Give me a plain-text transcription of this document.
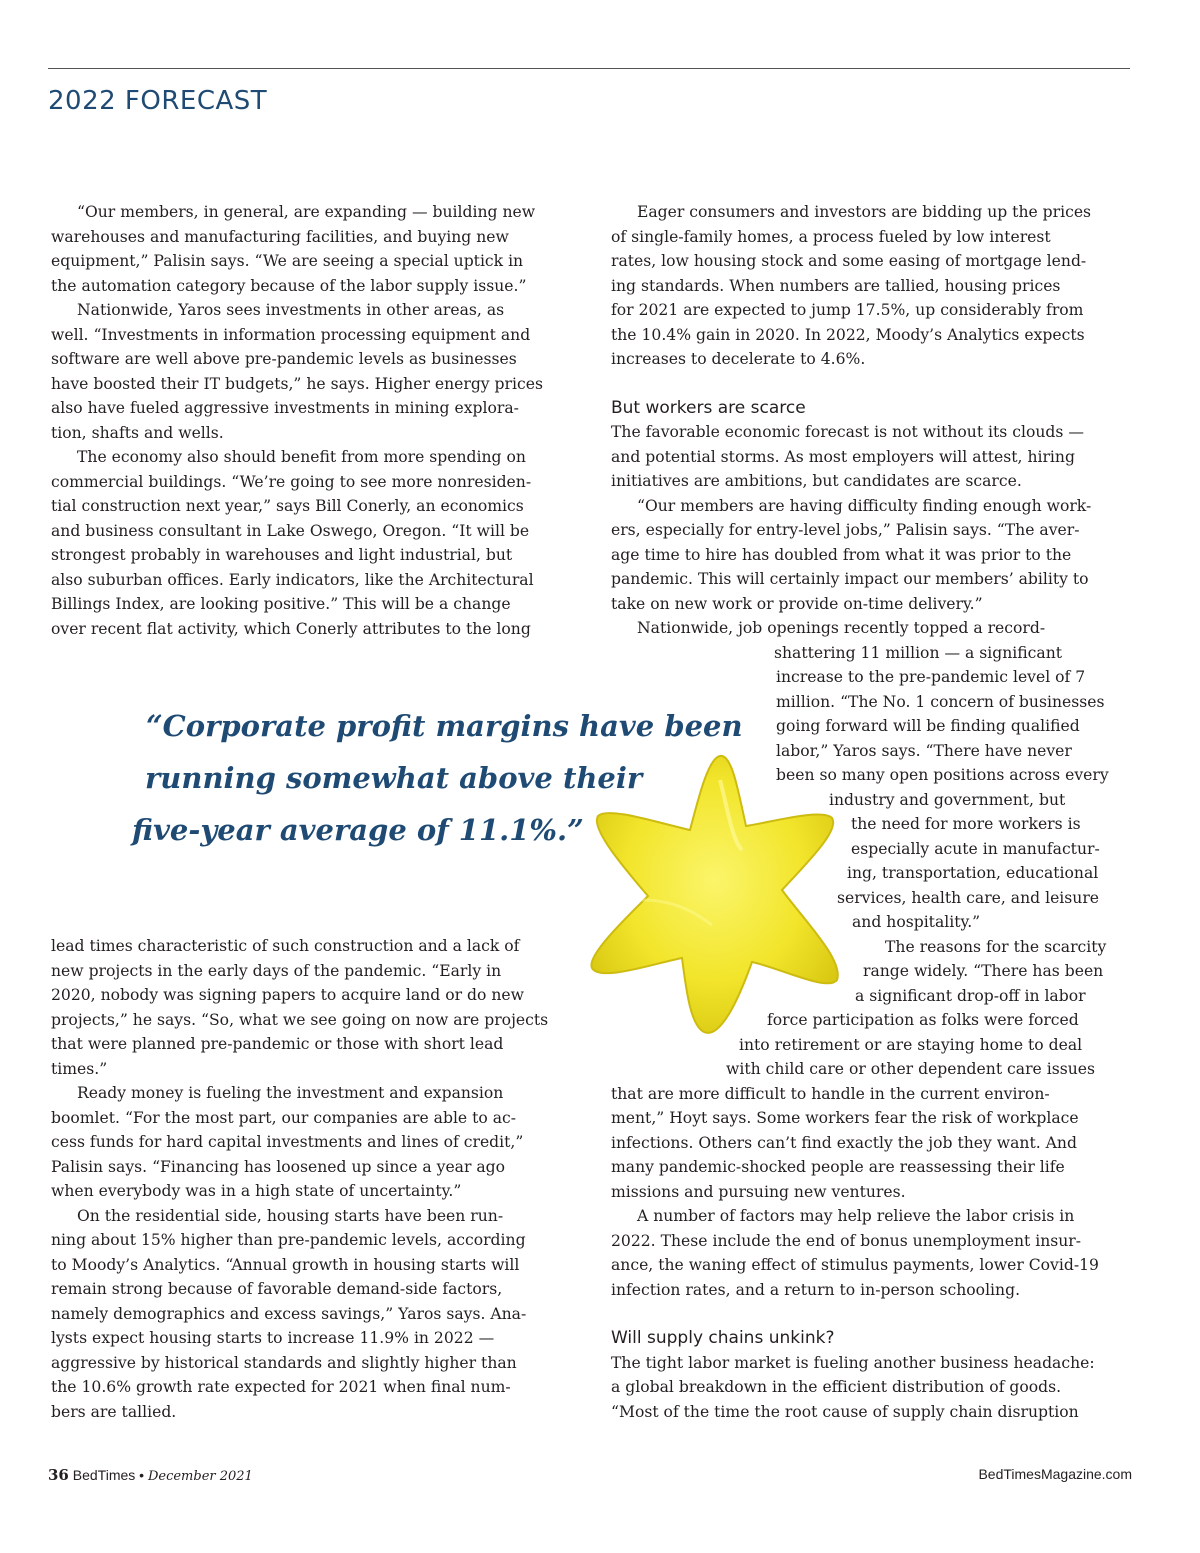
2022 FORECAST

“Our members, in general, are expanding — building new

warehouses and manufacturing facilities, and buying new

equipment,” Palisin says. “We are seeing a special uptick in

the automation category because of the labor supply issue.”

Nationwide, Yaros sees investments in other areas, as

well. “Investments in information processing equipment and

software are well above pre-pandemic levels as businesses

have boosted their IT budgets,” he says. Higher energy prices

also have fueled aggressive investments in mining explora-

tion, shafts and wells.

The economy also should benefit from more spending on

commercial buildings. “We’re going to see more nonresiden-

tial construction next year,” says Bill Conerly, an economics

and business consultant in Lake Oswego, Oregon. “It will be

strongest probably in warehouses and light industrial, but

also suburban offices. Early indicators, like the Architectural

Billings Index, are looking positive.” This will be a change

over recent flat activity, which Conerly attributes to the long

“Corporate profit margins have been
running somewhat above their
five-year average of 11.1%.”

lead times characteristic of such construction and a lack of

new projects in the early days of the pandemic. “Early in

2020, nobody was signing papers to acquire land or do new

projects,” he says. “So, what we see going on now are projects

that were planned pre-pandemic or those with short lead

times.”

Ready money is fueling the investment and expansion

boomlet. “For the most part, our companies are able to ac-

cess funds for hard capital investments and lines of credit,”

Palisin says. “Financing has loosened up since a year ago

when everybody was in a high state of uncertainty.”

On the residential side, housing starts have been run-

ning about 15% higher than pre-pandemic levels, according

to Moody’s Analytics. “Annual growth in housing starts will

remain strong because of favorable demand-side factors,

namely demographics and excess savings,” Yaros says. Ana-

lysts expect housing starts to increase 11.9% in 2022 —

aggressive by historical standards and slightly higher than

the 10.6% growth rate expected for 2021 when final num-

bers are tallied.

Eager consumers and investors are bidding up the prices

of single-family homes, a process fueled by low interest

rates, low housing stock and some easing of mortgage lend-

ing standards. When numbers are tallied, housing prices

for 2021 are expected to jump 17.5%, up considerably from

the 10.4% gain in 2020. In 2022, Moody’s Analytics expects

increases to decelerate to 4.6%.

But workers are scarce

The favorable economic forecast is not without its clouds —

and potential storms. As most employers will attest, hiring

initiatives are ambitions, but candidates are scarce.

“Our members are having difficulty finding enough work-

ers, especially for entry-level jobs,” Palisin says. “The aver-

age time to hire has doubled from what it was prior to the

pandemic. This will certainly impact our members’ ability to

take on new work or provide on-time delivery.”

Nationwide, job openings recently topped a record-

shattering 11 million — a significant

increase to the pre-pandemic level of 7

million. “The No. 1 concern of businesses

going forward will be finding qualified

labor,” Yaros says. “There have never

been so many open positions across every

industry and government, but

the need for more workers is

especially acute in manufactur-

ing, transportation, educational

services, health care, and leisure

and hospitality.”

The reasons for the scarcity

range widely. “There has been

a significant drop-off in labor

force participation as folks were forced

into retirement or are staying home to deal

with child care or other dependent care issues

that are more difficult to handle in the current environ-

ment,” Hoyt says. Some workers fear the risk of workplace

infections. Others can’t find exactly the job they want. And

many pandemic-shocked people are reassessing their life

missions and pursuing new ventures.

A number of factors may help relieve the labor crisis in

2022. These include the end of bonus unemployment insur-

ance, the waning effect of stimulus payments, lower Covid-19

infection rates, and a return to in-person schooling.

Will supply chains unkink?

The tight labor market is fueling another business headache:

a global breakdown in the efficient distribution of goods.

“Most of the time the root cause of supply chain disruption

36 BedTimes • December 2021	BedTimesMagazine.com
